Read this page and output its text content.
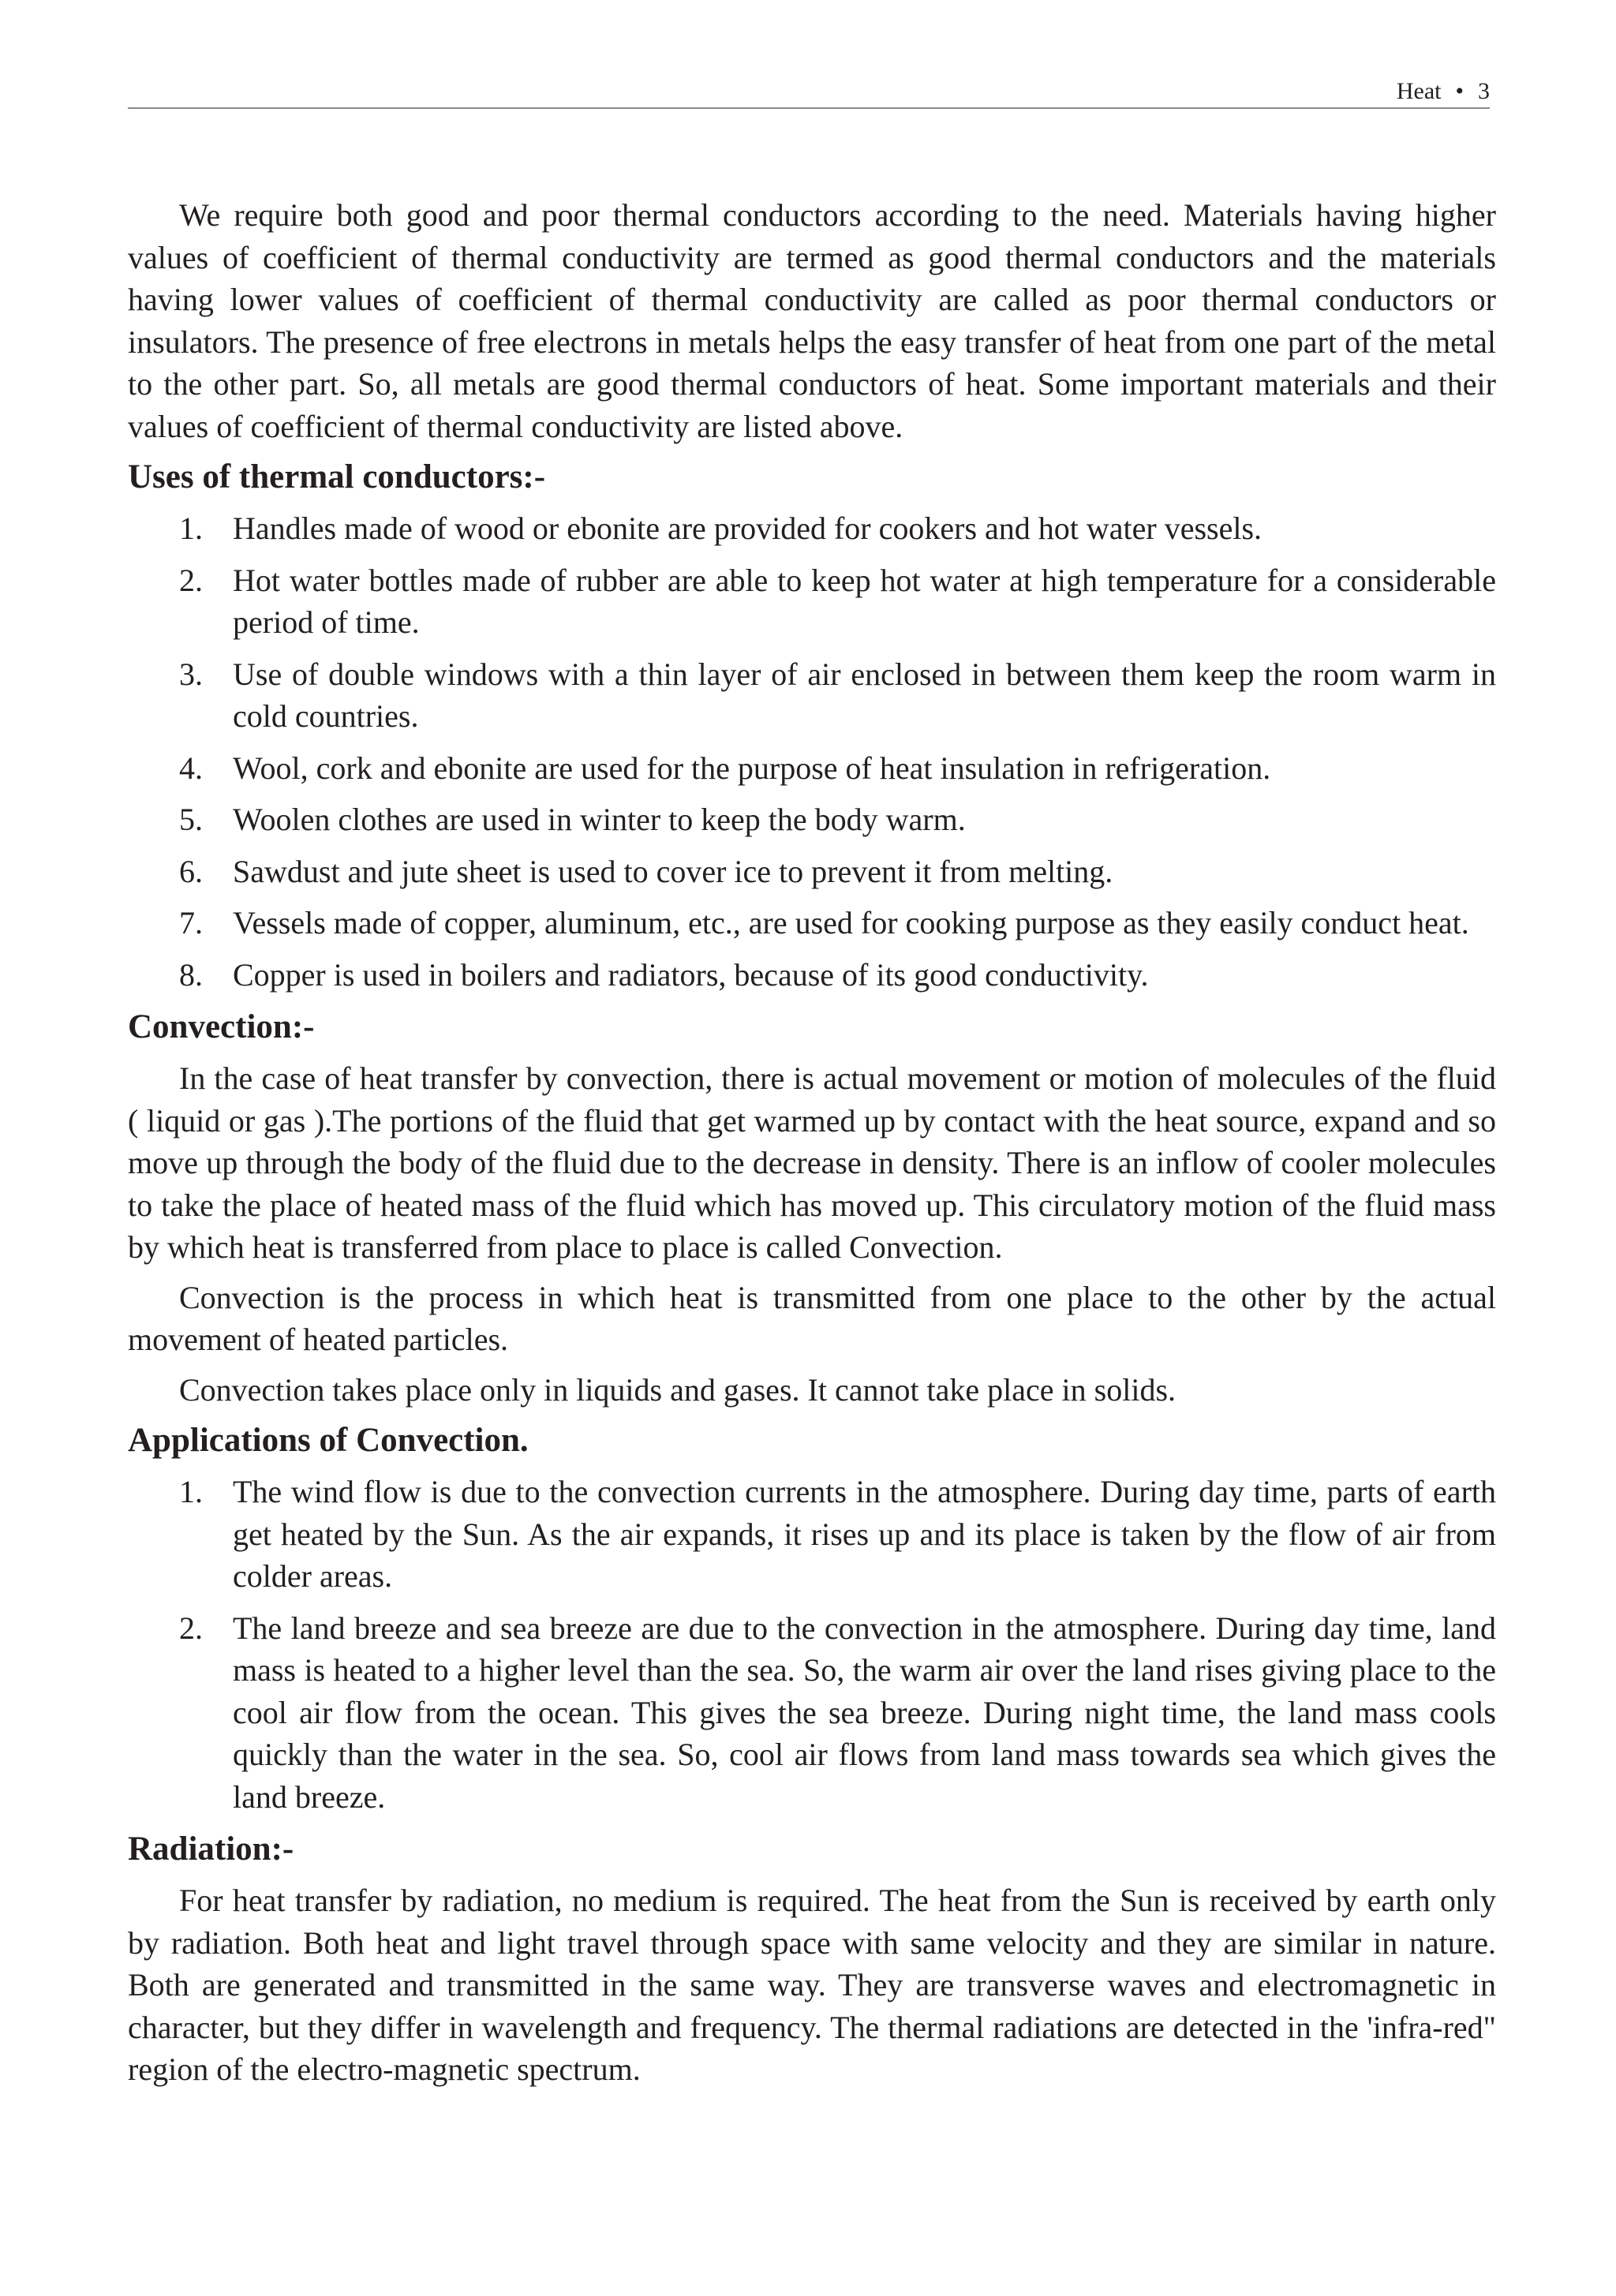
Heat • 3

We require both good and poor thermal conductors according to the need. Materials having higher values of coefficient of thermal conductivity are termed as good thermal conductors and the materials having lower values of coefficient of thermal conductivity are called as poor thermal conductors or insulators. The presence of free electrons in metals helps the easy transfer of heat from one part of the metal to the other part. So, all metals are good thermal conductors of heat. Some important materials and their values of coefficient of thermal conductivity are listed above.

Uses of thermal conductors:-
1. Handles made of wood or ebonite are provided for cookers and hot water vessels.
2. Hot water bottles made of rubber are able to keep hot water at high temperature for a considerable period of time.
3. Use of double windows with a thin layer of air enclosed in between them keep the room warm in cold countries.
4. Wool, cork and ebonite are used for the purpose of heat insulation in refrigeration.
5. Woolen clothes are used in winter to keep the body warm.
6. Sawdust and jute sheet is used to cover ice to prevent it from melting.
7. Vessels made of copper, aluminum, etc., are used for cooking purpose as they easily conduct heat.
8. Copper is used in boilers and radiators, because of its good conductivity.
Convection:-

In the case of heat transfer by convection, there is actual movement or motion of molecules of the fluid ( liquid or gas ).The portions of the fluid that get warmed up by contact with the heat source, expand and so move up through the body of the fluid due to the decrease in density. There is an inflow of cooler molecules to take the place of heated mass of the fluid which has moved up. This circulatory motion of the fluid mass by which heat is transferred from place to place is called Convection.

Convection is the process in which heat is transmitted from one place to the other by the actual movement of heated particles.

Convection takes place only in liquids and gases. It cannot take place in solids.

Applications of Convection.
1. The wind flow is due to the convection currents in the atmosphere. During day time, parts of earth get heated by the Sun. As the air expands, it rises up and its place is taken by the flow of air from colder areas.
2. The land breeze and sea breeze are due to the convection in the atmosphere. During day time, land mass is heated to a higher level than the sea. So, the warm air over the land rises giving place to the cool air flow from the ocean. This gives the sea breeze. During night time, the land mass cools quickly than the water in the sea. So, cool air flows from land mass towards sea which gives the land breeze.
Radiation:-

For heat transfer by radiation, no medium is required. The heat from the Sun is received by earth only by radiation. Both heat and light travel through space with same velocity and they are similar in nature. Both are generated and transmitted in the same way. They are transverse waves and electromagnetic in character, but they differ in wavelength and frequency. The thermal radiations are detected in the 'infra-red" region of the electro-magnetic spectrum.
